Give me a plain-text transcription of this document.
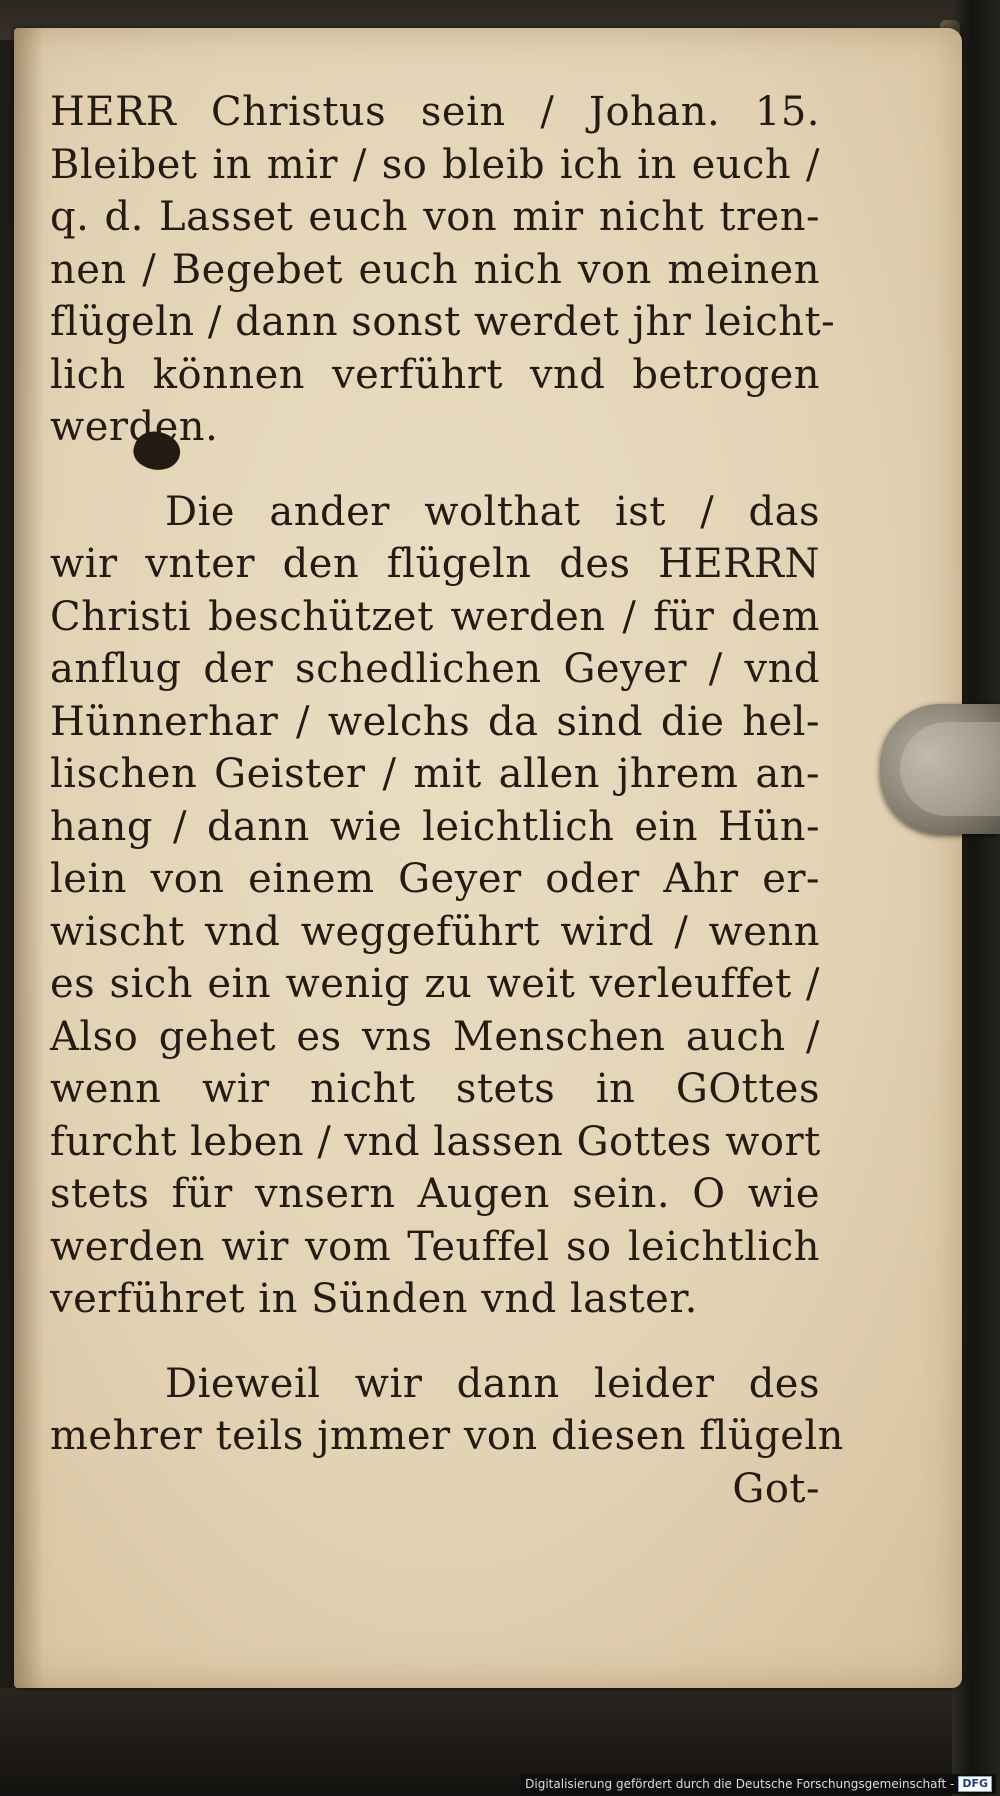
HERR Christus sein / Johan. 15.
Bleibet in mir / so bleib ich in euch /
q. d. Lasset euch von mir nicht tren-
nen / Begebet euch nich von meinen
flügeln / dann sonst werdet jhr leicht-
lich können verführt vnd betrogen
werden.
Die ander wolthat ist / das
wir vnter den flügeln des HERRN
Christi beschützet werden / für dem
anflug der schedlichen Geyer / vnd
Hünnerhar / welchs da sind die hel-
lischen Geister / mit allen jhrem an-
hang / dann wie leichtlich ein Hün-
lein von einem Geyer oder Ahr er-
wischt vnd weggeführt wird / wenn
es sich ein wenig zu weit verleuffet /
Also gehet es vns Menschen auch /
wenn wir nicht stets in GOttes
furcht leben / vnd lassen Gottes wort
stets für vnsern Augen sein. O wie
werden wir vom Teuffel so leichtlich
verführet in Sünden vnd laster.
Dieweil wir dann leider des
mehrer teils jmmer von diesen flügeln
Got-
Digitalisierung gefördert durch die Deutsche Forschungsgemeinschaft - DFG
